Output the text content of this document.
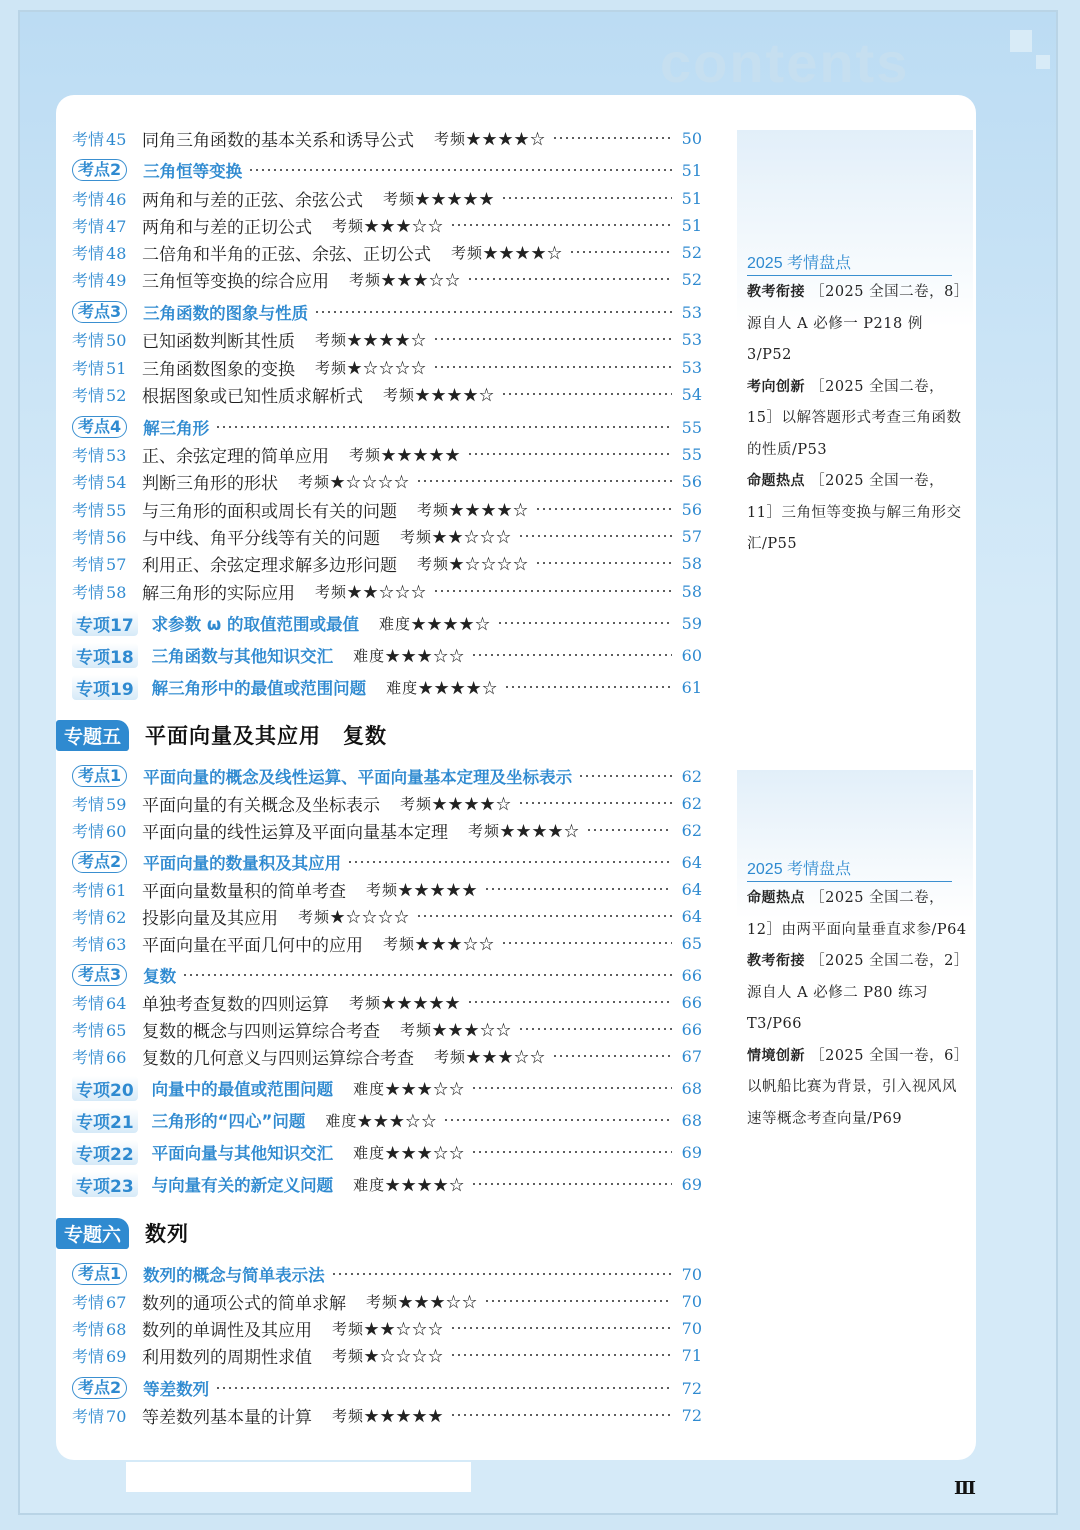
contents
2025 考情盘点
教考衔接 ［2025 全国二卷，8］源自人 A 必修一 P218 例 3/P52
考向创新 ［2025 全国二卷，15］以解答题形式考查三角函数的性质/P53
命题热点 ［2025 全国一卷，11］三角恒等变换与解三角形交汇/P55
2025 考情盘点
命题热点 ［2025 全国二卷，12］由两平面向量垂直求参/P64
教考衔接 ［2025 全国二卷，2］源自人 A 必修二 P80 练习 T3/P66
情境创新 ［2025 全国一卷，6］以帆船比赛为背景，引入视风风速等概念考查向量/P69
考情 45 同角三角函数的基本关系和诱导公式 考频★★★★☆	50
考点2	三角恒等变换	51
考情 46 两角和与差的正弦、余弦公式 考频★★★★★	51
考情 47 两角和与差的正切公式 考频★★★☆☆	51
考情 48 二倍角和半角的正弦、余弦、正切公式 考频★★★★☆	52
考情 49 三角恒等变换的综合应用 考频★★★☆☆	52
考点3	三角函数的图象与性质	53
考情 50 已知函数判断其性质 考频★★★★☆	53
考情 51 三角函数图象的变换 考频★☆☆☆☆	53
考情 52 根据图象或已知性质求解析式 考频★★★★☆	54
考点4	解三角形	55
考情 53 正、余弦定理的简单应用 考频★★★★★	55
考情 54 判断三角形的形状 考频★☆☆☆☆	56
考情 55 与三角形的面积或周长有关的问题 考频★★★★☆	56
考情 56 与中线、角平分线等有关的问题 考频★★☆☆☆	57
考情 57 利用正、余弦定理求解多边形问题 考频★☆☆☆☆	58
考情 58 解三角形的实际应用 考频★★☆☆☆	58
专项17 求参数 ω 的取值范围或最值 难度★★★★☆	59
专项18 三角函数与其他知识交汇 难度★★★☆☆	60
专项19 解三角形中的最值或范围问题 难度★★★★☆	61
专题五	平面向量及其应用　复数
考点1	平面向量的概念及线性运算、平面向量基本定理及坐标表示	62
考情 59 平面向量的有关概念及坐标表示 考频★★★★☆	62
考情 60 平面向量的线性运算及平面向量基本定理 考频★★★★☆	62
考点2	平面向量的数量积及其应用	64
考情 61 平面向量数量积的简单考查 考频★★★★★	64
考情 62 投影向量及其应用 考频★☆☆☆☆	64
考情 63 平面向量在平面几何中的应用 考频★★★☆☆	65
考点3	复数	66
考情 64 单独考查复数的四则运算 考频★★★★★	66
考情 65 复数的概念与四则运算综合考查 考频★★★☆☆	66
考情 66 复数的几何意义与四则运算综合考查 考频★★★☆☆	67
专项20 向量中的最值或范围问题 难度★★★☆☆	68
专项21 三角形的“四心”问题 难度★★★☆☆	68
专项22 平面向量与其他知识交汇 难度★★★☆☆	69
专项23 与向量有关的新定义问题 难度★★★★☆	69
专题六	数列
考点1	数列的概念与简单表示法	70
考情 67 数列的通项公式的简单求解 考频★★★☆☆	70
考情 68 数列的单调性及其应用 考频★★☆☆☆	70
考情 69 利用数列的周期性求值 考频★☆☆☆☆	71
考点2	等差数列	72
考情 70 等差数列基本量的计算 考频★★★★★	72
Ⅲ
